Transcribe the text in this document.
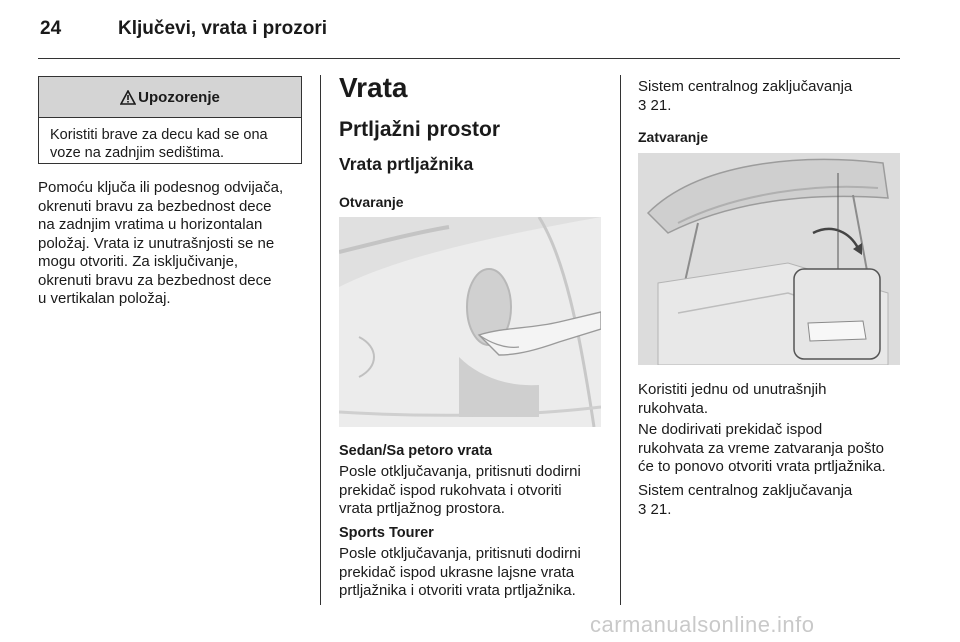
24	Ključevi, vrata i prozori
Upozorenje
Koristiti brave za decu kad se ona voze na zadnjim sedištima.
Pomoću ključa ili podesnog odvijača,
okrenuti bravu za bezbednost dece
na zadnjim vratima u horizontalan
položaj. Vrata iz unutrašnjosti se ne
mogu otvoriti. Za isključivanje,
okrenuti bravu za bezbednost dece
u vertikalan položaj.
Vrata
Prtljažni prostor
Vrata prtljažnika
Otvaranje
Sedan/Sa petoro vrata
Posle otključavanja, pritisnuti dodirni
prekidač ispod rukohvata i otvoriti
vrata prtljažnog prostora.
Sports Tourer
Posle otključavanja, pritisnuti dodirni
prekidač ispod ukrasne lajsne vrata
prtljažnika i otvoriti vrata prtljažnika.
Sistem centralnog zaključavanja
3 21.
Zatvaranje
Koristiti jednu od unutrašnjih
rukohvata.
Ne dodirivati prekidač ispod
rukohvata za vreme zatvaranja pošto
će to ponovo otvoriti vrata prtljažnika.
Sistem centralnog zaključavanja
3 21.
carmanualsonline.info
